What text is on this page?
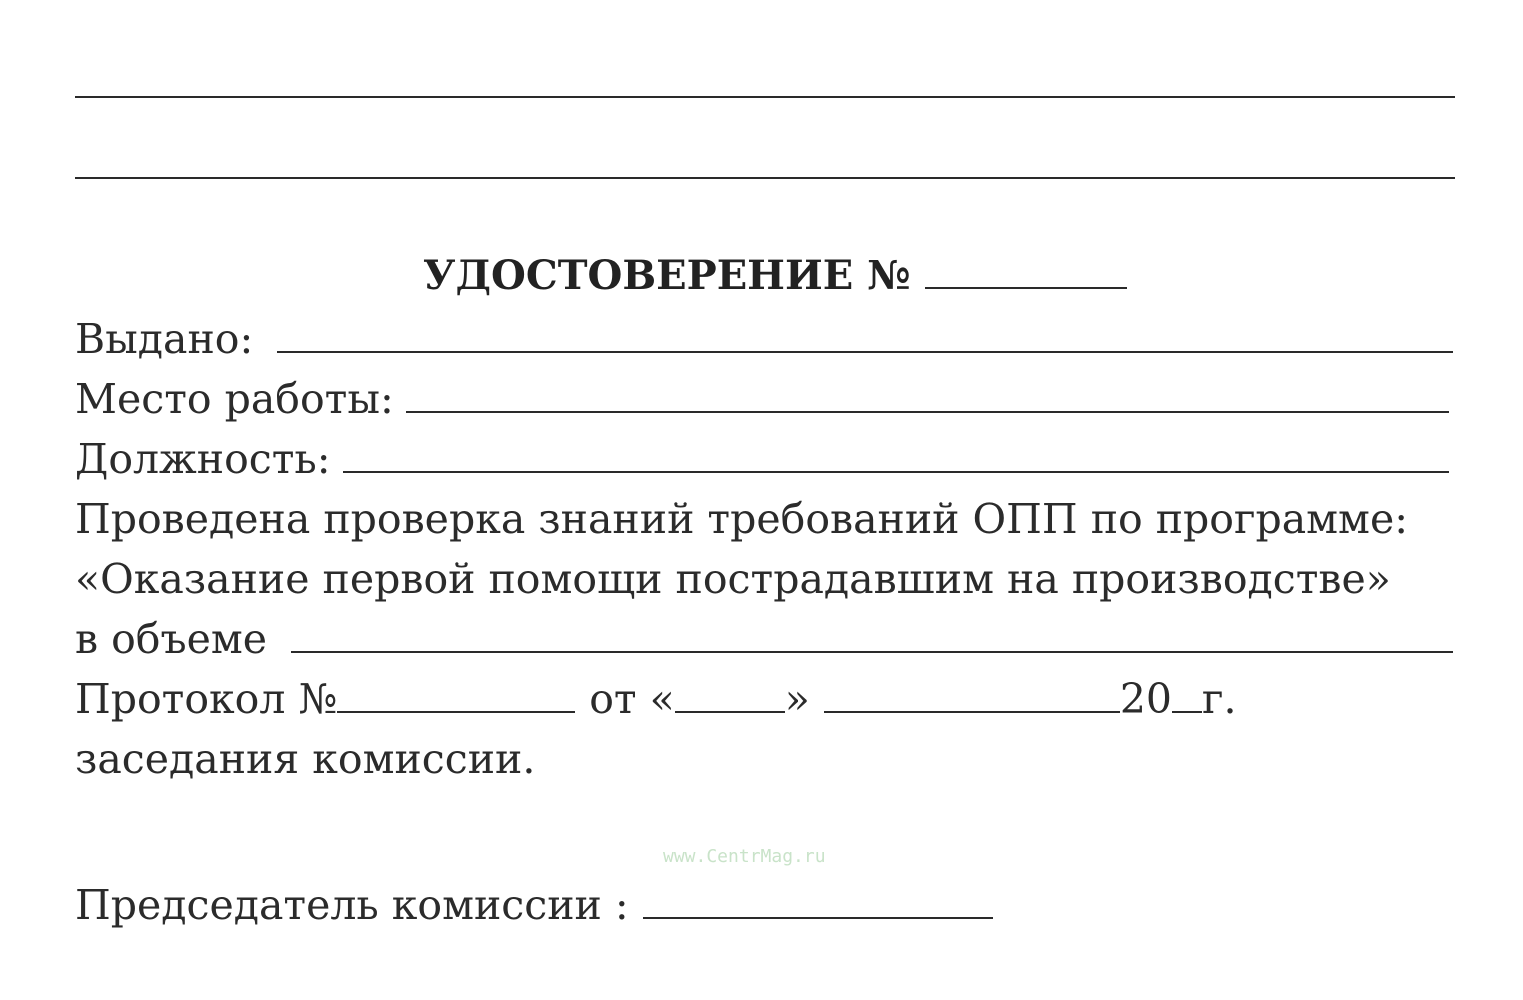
УДОСТОВЕРЕНИЕ №
Выдано:
Место работы:
Должность:
Проведена проверка знаний требований ОПП по программе:
«Оказание первой помощи пострадавшим на производстве»
в объеме
Протокол №	от «	»	20 г.
заседания комиссии.
www.CentrMag.ru
Председатель комиссии :
